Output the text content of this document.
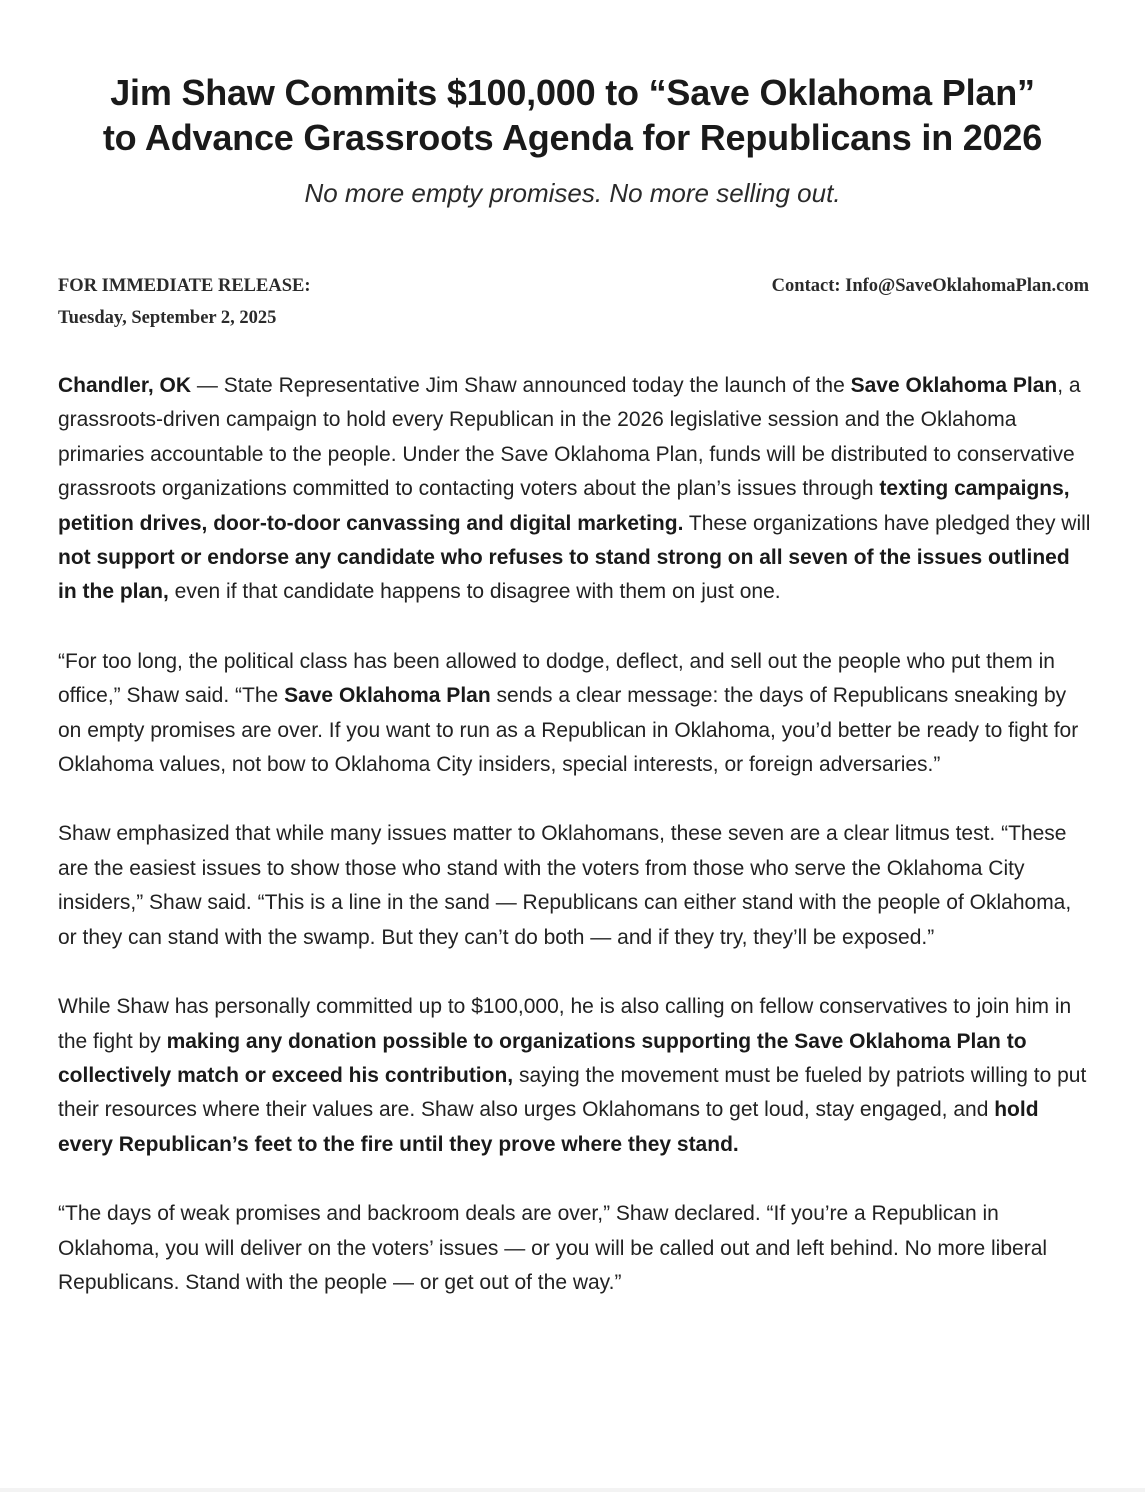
Jim Shaw Commits $100,000 to “Save Oklahoma Plan”
to Advance Grassroots Agenda for Republicans in 2026

No more empty promises. No more selling out.

FOR IMMEDIATE RELEASE:
Tuesday, September 2, 2025
Contact: Info@SaveOklahomaPlan.com

Chandler, OK — State Representative Jim Shaw announced today the launch of the Save Oklahoma Plan, a grassroots-driven campaign to hold every Republican in the 2026 legislative session and the Oklahoma primaries accountable to the people. Under the Save Oklahoma Plan, funds will be distributed to conservative grassroots organizations committed to contacting voters about the plan’s issues through texting campaigns, petition drives, door-to-door canvassing and digital marketing. These organizations have pledged they will not support or endorse any candidate who refuses to stand strong on all seven of the issues outlined in the plan, even if that candidate happens to disagree with them on just one.

“For too long, the political class has been allowed to dodge, deflect, and sell out the people who put them in office,” Shaw said. “The Save Oklahoma Plan sends a clear message: the days of Republicans sneaking by on empty promises are over. If you want to run as a Republican in Oklahoma, you’d better be ready to fight for Oklahoma values, not bow to Oklahoma City insiders, special interests, or foreign adversaries.”

Shaw emphasized that while many issues matter to Oklahomans, these seven are a clear litmus test. “These are the easiest issues to show those who stand with the voters from those who serve the Oklahoma City insiders,” Shaw said. “This is a line in the sand — Republicans can either stand with the people of Oklahoma, or they can stand with the swamp. But they can’t do both — and if they try, they’ll be exposed.”

While Shaw has personally committed up to $100,000, he is also calling on fellow conservatives to join him in the fight by making any donation possible to organizations supporting the Save Oklahoma Plan to collectively match or exceed his contribution, saying the movement must be fueled by patriots willing to put their resources where their values are. Shaw also urges Oklahomans to get loud, stay engaged, and hold every Republican’s feet to the fire until they prove where they stand.

“The days of weak promises and backroom deals are over,” Shaw declared. “If you’re a Republican in Oklahoma, you will deliver on the voters’ issues — or you will be called out and left behind. No more liberal Republicans. Stand with the people — or get out of the way.”
